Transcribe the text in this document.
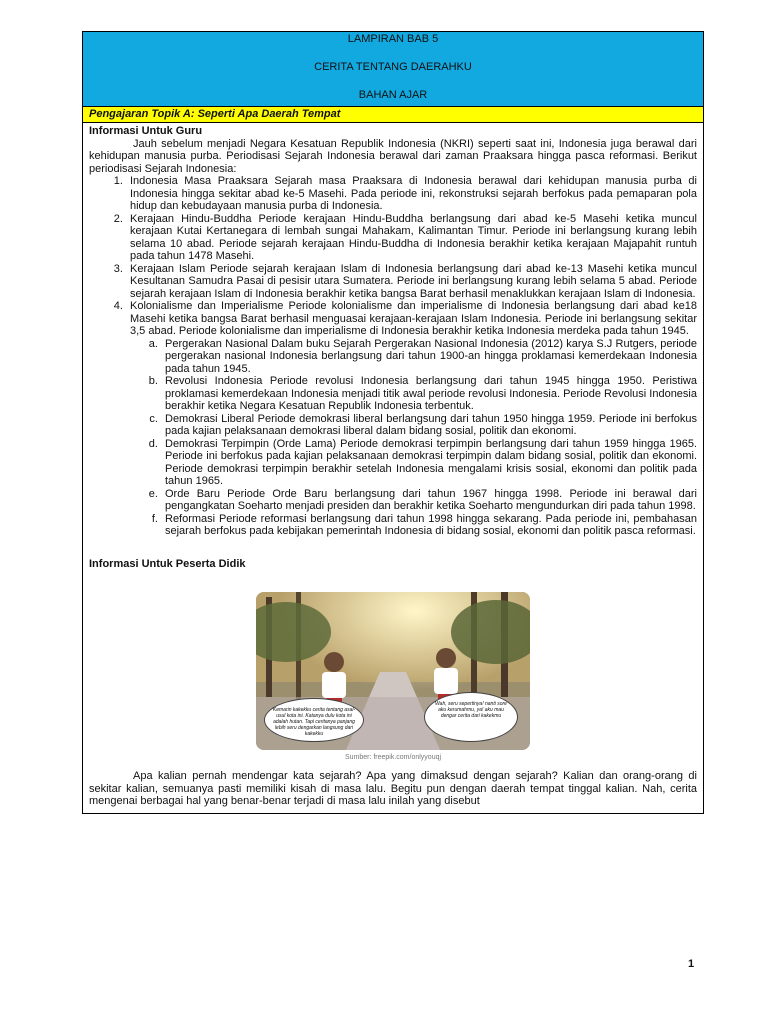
LAMPIRAN BAB 5
CERITA TENTANG DAERAHKU
BAHAN AJAR
Pengajaran Topik A: Seperti Apa Daerah Tempat

Informasi Untuk Guru

Jauh sebelum menjadi Negara Kesatuan Republik Indonesia (NKRI) seperti saat ini, Indonesia juga berawal dari kehidupan manusia purba. Periodisasi Sejarah Indonesia berawal dari zaman Praaksara hingga pasca reformasi. Berikut periodisasi Sejarah Indonesia:

1. Indonesia Masa Praaksara Sejarah masa Praaksara di Indonesia berawal dari kehidupan manusia purba di Indonesia hingga sekitar abad ke-5 Masehi. Pada periode ini, rekonstruksi sejarah berfokus pada pemaparan pola hidup dan kebudayaan manusia purba di Indonesia.
2. Kerajaan Hindu-Buddha Periode kerajaan Hindu-Buddha berlangsung dari abad ke-5 Masehi ketika muncul kerajaan Kutai Kertanegara di lembah sungai Mahakam, Kalimantan Timur. Periode ini berlangsung kurang lebih selama 10 abad. Periode sejarah kerajaan Hindu-Buddha di Indonesia berakhir ketika kerajaan Majapahit runtuh pada tahun 1478 Masehi.
3. Kerajaan Islam Periode sejarah kerajaan Islam di Indonesia berlangsung dari abad ke-13 Masehi ketika muncul Kesultanan Samudra Pasai di pesisir utara Sumatera. Periode ini berlangsung kurang lebih selama 5 abad. Periode sejarah kerajaan Islam di Indonesia berakhir ketika bangsa Barat berhasil menaklukkan kerajaan Islam di Indonesia.
4. Kolonialisme dan Imperialisme Periode kolonialisme dan imperialisme di Indonesia berlangsung dari abad ke18 Masehi ketika bangsa Barat berhasil menguasai kerajaan-kerajaan Islam Indonesia. Periode ini berlangsung sekitar 3,5 abad. Periode kolonialisme dan imperialisme di Indonesia berakhir ketika Indonesia merdeka pada tahun 1945.
a. Pergerakan Nasional Dalam buku Sejarah Pergerakan Nasional Indonesia (2012) karya S.J Rutgers, periode pergerakan nasional Indonesia berlangsung dari tahun 1900-an hingga proklamasi kemerdekaan Indonesia pada tahun 1945.
b. Revolusi Indonesia Periode revolusi Indonesia berlangsung dari tahun 1945 hingga 1950. Peristiwa proklamasi kemerdekaan Indonesia menjadi titik awal periode revolusi Indonesia. Periode Revolusi Indonesia berakhir ketika Negara Kesatuan Republik Indonesia terbentuk.
c. Demokrasi Liberal Periode demokrasi liberal berlangsung dari tahun 1950 hingga 1959. Periode ini berfokus pada kajian pelaksanaan demokrasi liberal dalam bidang sosial, politik dan ekonomi.
d. Demokrasi Terpimpin (Orde Lama) Periode demokrasi terpimpin berlangsung dari tahun 1959 hingga 1965. Periode ini berfokus pada kajian pelaksanaan demokrasi terpimpin dalam bidang sosial, politik dan ekonomi. Periode demokrasi terpimpin berakhir setelah Indonesia mengalami krisis sosial, ekonomi dan politik pada tahun 1965.
e. Orde Baru Periode Orde Baru berlangsung dari tahun 1967 hingga 1998. Periode ini berawal dari pengangkatan Soeharto menjadi presiden dan berakhir ketika Soeharto mengundurkan diri pada tahun 1998.
f. Reformasi Periode reformasi berlangsung dari tahun 1998 hingga sekarang. Pada periode ini, pembahasan sejarah berfokus pada kebijakan pemerintah Indonesia di bidang sosial, ekonomi dan politik pasca reformasi.

Informasi Untuk Peserta Didik

Kemarin kakekku cerita tentang asal-usul kota ini. Katanya dulu kota ini adalah hutan. Tapi ceritanya panjang lebih seru dengarkan langsung dari kakekku
Wah, seru sepertinya! nanti sore aku kerumahmu, ya! aku mau dengar cerita dari kakekmu
Sumber: freepik.com/onlyyouqj

Apa kalian pernah mendengar kata sejarah? Apa yang dimaksud dengan sejarah? Kalian dan orang-orang di sekitar kalian, semuanya pasti memiliki kisah di masa lalu. Begitu pun dengan daerah tempat tinggal kalian. Nah, cerita mengenai berbagai hal yang benar-benar terjadi di masa lalu inilah yang disebut

1
